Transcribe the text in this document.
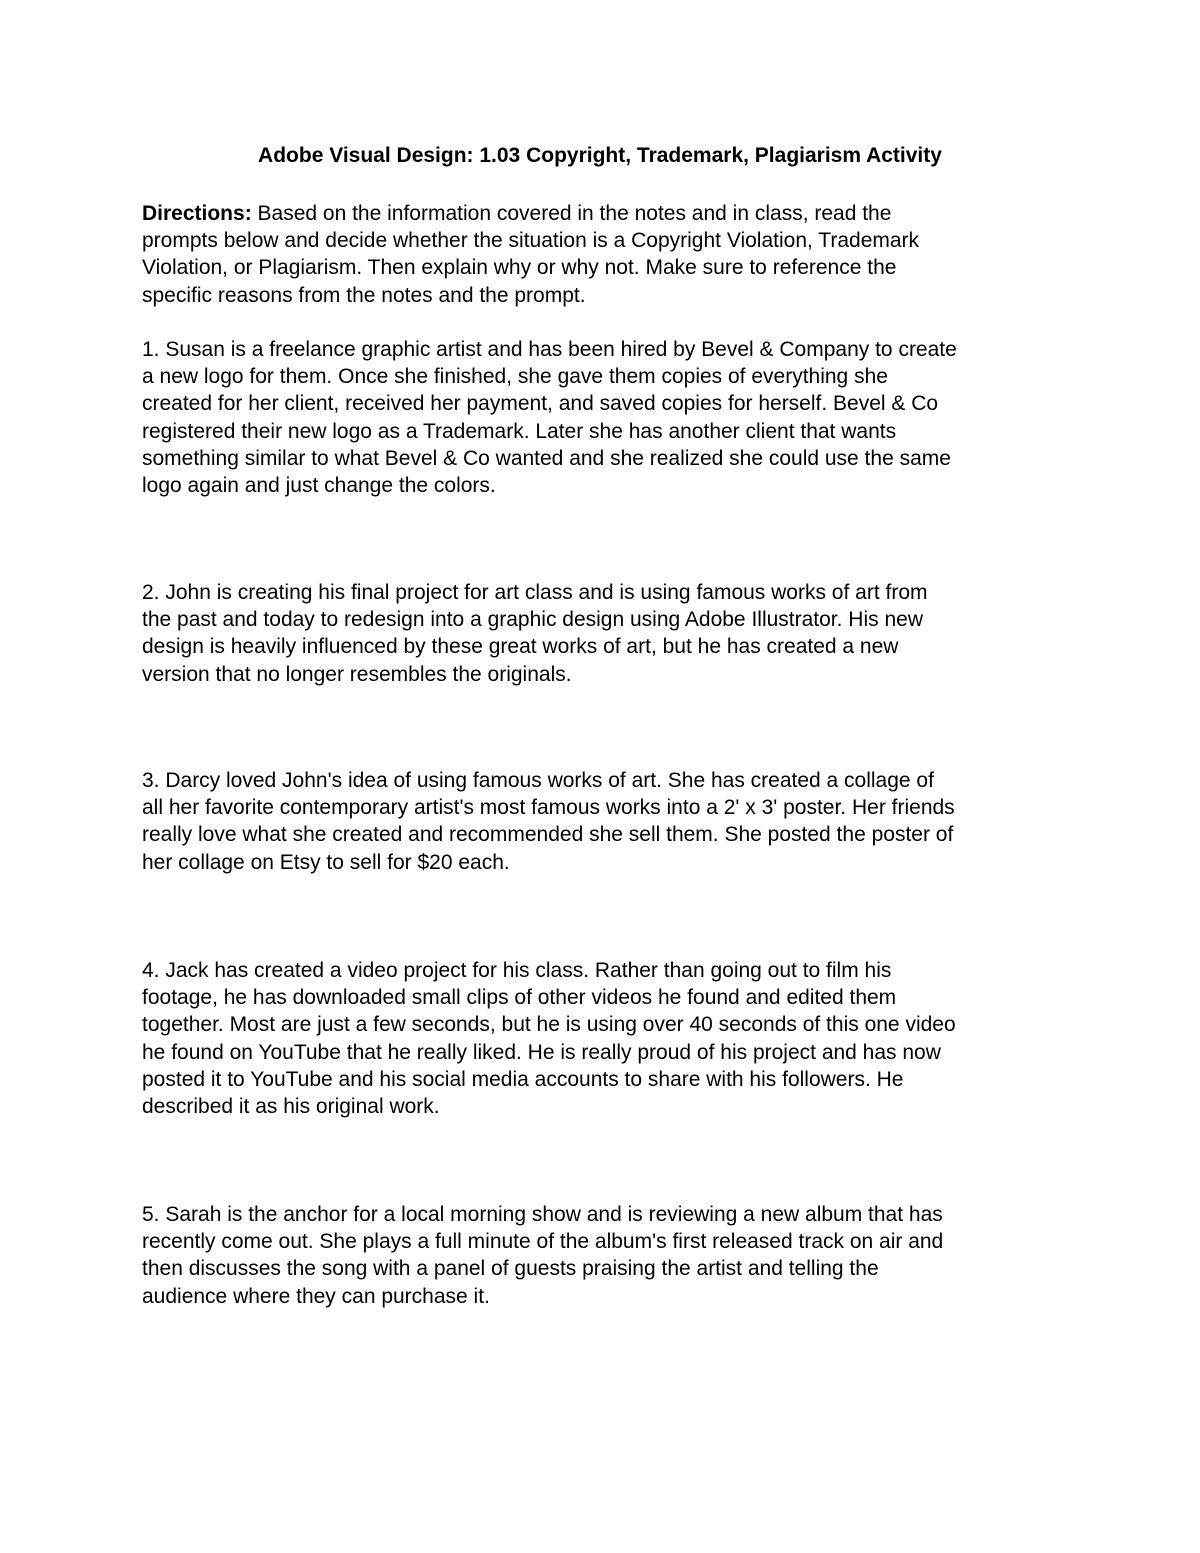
Adobe Visual Design: 1.03 Copyright, Trademark, Plagiarism Activity
Directions: Based on the information covered in the notes and in class, read the
prompts below and decide whether the situation is a Copyright Violation, Trademark
Violation, or Plagiarism. Then explain why or why not. Make sure to reference the
specific reasons from the notes and the prompt.
1. Susan is a freelance graphic artist and has been hired by Bevel & Company to create
a new logo for them. Once she finished, she gave them copies of everything she
created for her client, received her payment, and saved copies for herself. Bevel & Co
registered their new logo as a Trademark. Later she has another client that wants
something similar to what Bevel & Co wanted and she realized she could use the same
logo again and just change the colors.
2. John is creating his final project for art class and is using famous works of art from
the past and today to redesign into a graphic design using Adobe Illustrator. His new
design is heavily influenced by these great works of art, but he has created a new
version that no longer resembles the originals.
3. Darcy loved John's idea of using famous works of art. She has created a collage of
all her favorite contemporary artist's most famous works into a 2' x 3' poster. Her friends
really love what she created and recommended she sell them. She posted the poster of
her collage on Etsy to sell for $20 each.
4. Jack has created a video project for his class. Rather than going out to film his
footage, he has downloaded small clips of other videos he found and edited them
together. Most are just a few seconds, but he is using over 40 seconds of this one video
he found on YouTube that he really liked. He is really proud of his project and has now
posted it to YouTube and his social media accounts to share with his followers. He
described it as his original work.
5. Sarah is the anchor for a local morning show and is reviewing a new album that has
recently come out. She plays a full minute of the album's first released track on air and
then discusses the song with a panel of guests praising the artist and telling the
audience where they can purchase it.
